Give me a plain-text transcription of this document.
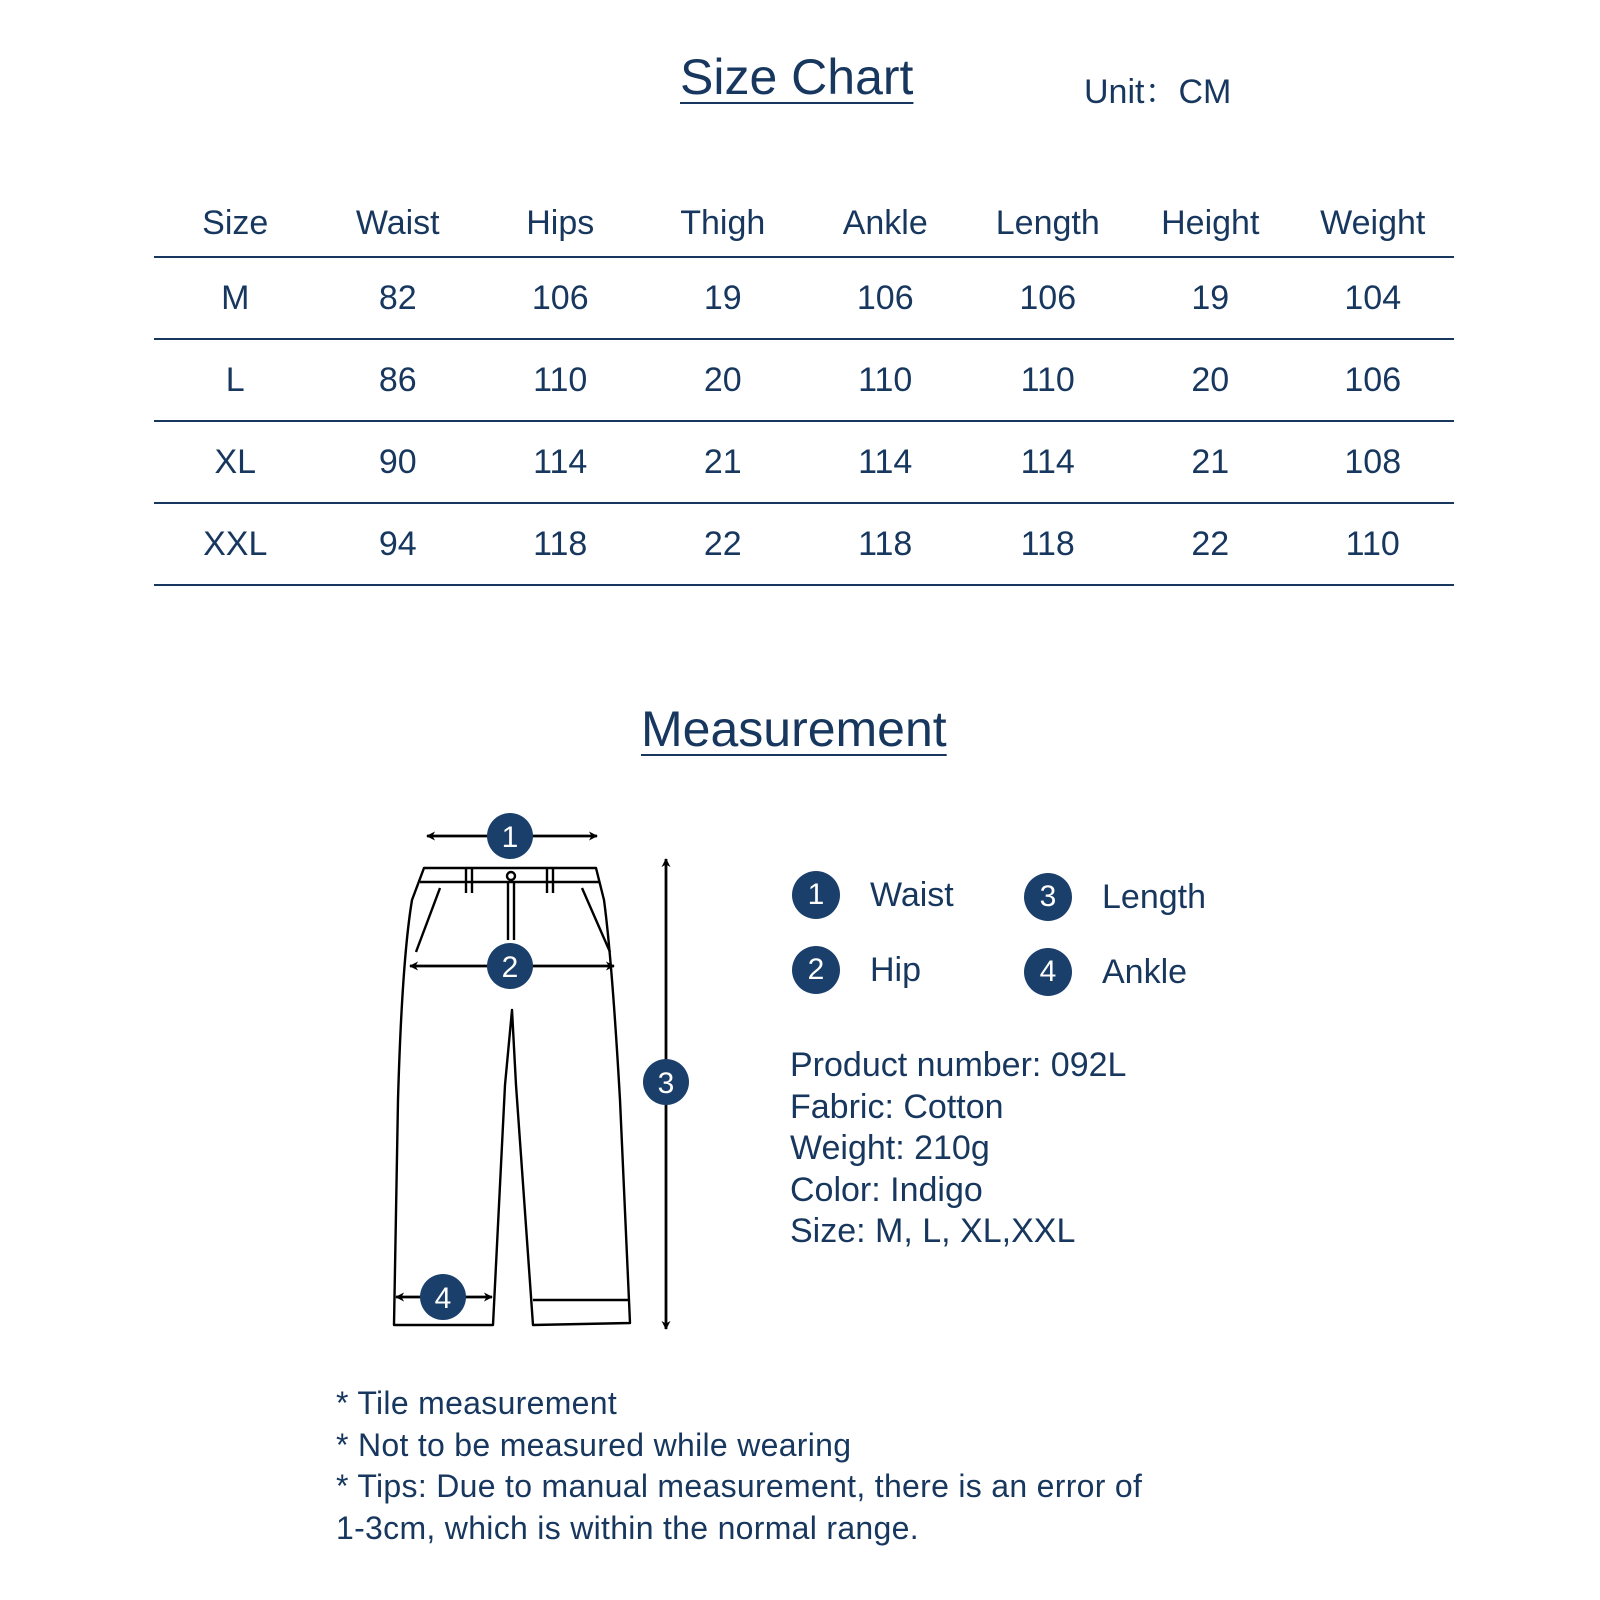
Size Chart	Unit：CM
Size	Waist	Hips	Thigh	Ankle	Length	Height	Weight
M	82	106	19	106	106	19	104
L	86	110	20	110	110	20	106
XL	90	114	21	114	114	21	108
XXL	94	118	22	118	118	22	110
Measurement
1
2
3
4
1	Waist	3	Length
2	Hip	4	Ankle
Product number: 092L
Fabric: Cotton
Weight: 210g
Color: Indigo
Size: M, L, XL,XXL
* Tile measurement
* Not to be measured while wearing
* Tips: Due to manual measurement, there is an error of
1-3cm, which is within the normal range.
